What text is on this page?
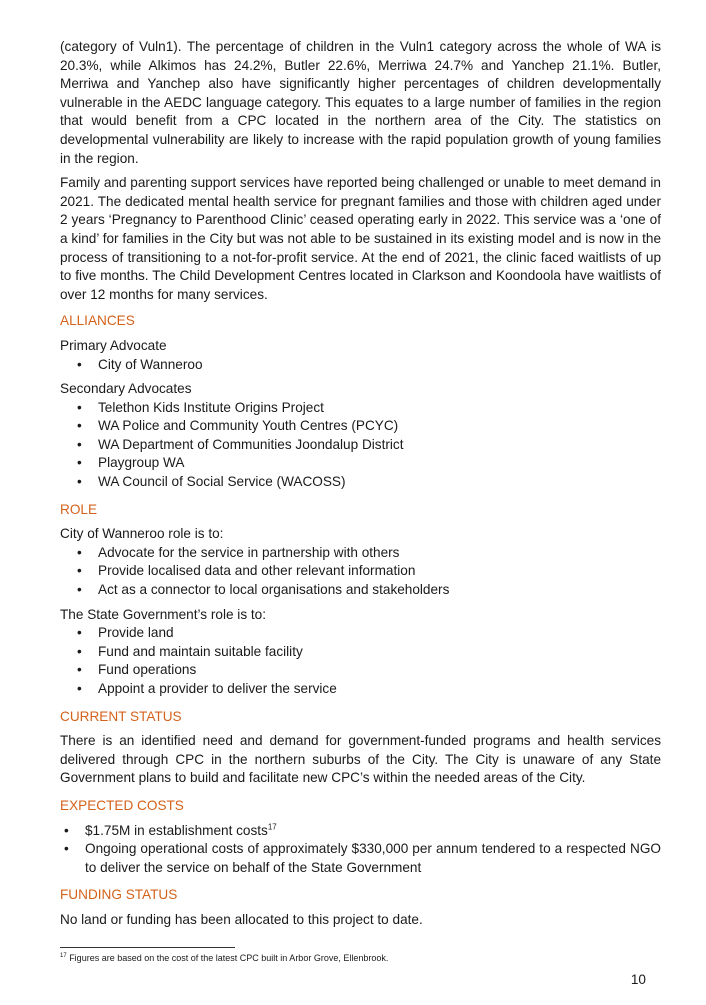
(category of Vuln1). The percentage of children in the Vuln1 category across the whole of WA is 20.3%, while Alkimos has 24.2%, Butler 22.6%, Merriwa 24.7% and Yanchep 21.1%. Butler, Merriwa and Yanchep also have significantly higher percentages of children developmentally vulnerable in the AEDC language category. This equates to a large number of families in the region that would benefit from a CPC located in the northern area of the City. The statistics on developmental vulnerability are likely to increase with the rapid population growth of young families in the region.

Family and parenting support services have reported being challenged or unable to meet demand in 2021. The dedicated mental health service for pregnant families and those with children aged under 2 years ‘Pregnancy to Parenthood Clinic’ ceased operating early in 2022. This service was a ‘one of a kind’ for families in the City but was not able to be sustained in its existing model and is now in the process of transitioning to a not-for-profit service. At the end of 2021, the clinic faced waitlists of up to five months. The Child Development Centres located in Clarkson and Koondoola have waitlists of over 12 months for many services.

ALLIANCES
Primary Advocate
• City of Wanneroo
Secondary Advocates
• Telethon Kids Institute Origins Project
• WA Police and Community Youth Centres (PCYC)
• WA Department of Communities Joondalup District
• Playgroup WA
• WA Council of Social Service (WACOSS)
ROLE
City of Wanneroo role is to:
• Advocate for the service in partnership with others
• Provide localised data and other relevant information
• Act as a connector to local organisations and stakeholders
The State Government’s role is to:
• Provide land
• Fund and maintain suitable facility
• Fund operations
• Appoint a provider to deliver the service
CURRENT STATUS

There is an identified need and demand for government-funded programs and health services delivered through CPC in the northern suburbs of the City. The City is unaware of any State Government plans to build and facilitate new CPC’s within the needed areas of the City.

EXPECTED COSTS
• $1.75M in establishment costs$^{17}$
• Ongoing operational costs of approximately $330,000 per annum tendered to a respected NGO to deliver the service on behalf of the State Government
FUNDING STATUS

No land or funding has been allocated to this project to date.

$^{17}$ Figures are based on the cost of the latest CPC built in Arbor Grove, Ellenbrook.
10
